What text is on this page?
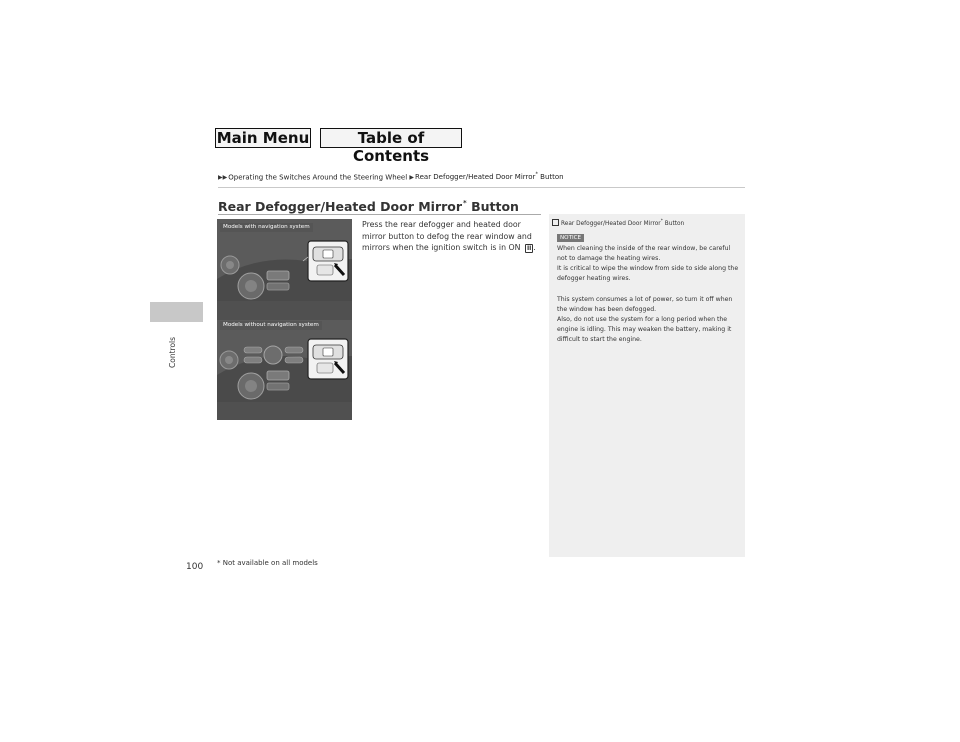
Main Menu	Table of Contents
▶▶Operating the Switches Around the Steering Wheel ▶Rear Defogger/Heated Door Mirror* Button
Controls
Rear Defogger/Heated Door Mirror* Button
Models with navigation system
Models without navigation system
Press the rear defogger and heated door mirror button to defog the rear window and mirrors when the ignition switch is in ON II .
Rear Defogger/Heated Door Mirror* Button
NOTICE
When cleaning the inside of the rear window, be careful not to damage the heating wires.
It is critical to wipe the window from side to side along the defogger heating wires.
This system consumes a lot of power, so turn it off when the window has been defogged.
Also, do not use the system for a long period when the engine is idling. This may weaken the battery, making it difficult to start the engine.
100 * Not available on all models
